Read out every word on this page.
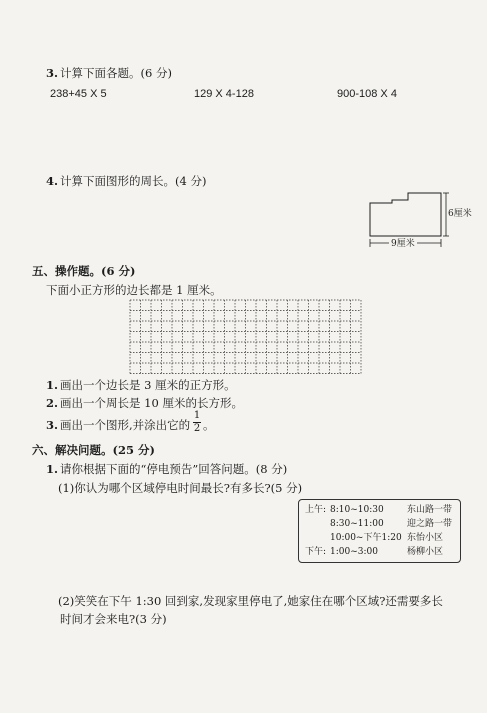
3. 计算下面各题。(6 分)
238+45 X 5	129 X 4-128	900-108 X 4
4. 计算下面图形的周长。(4 分)
6厘米
9厘米
五、操作题。(6 分)
下面小正方形的边长都是 1 厘米。
1. 画出一个边长是 3 厘米的正方形。
2. 画出一个周长是 10 厘米的长方形。
3. 画出一个图形,并涂出它的
1
2 。
六、解决问题。(25 分)
1. 请你根据下面的“停电预告”回答问题。(8 分)
(1)你认为哪个区域停电时间最长?有多长?(5 分)
上午: 8:10~10:30	东山路一带
8:30~11:00	迎之路一带
10:00~下午1:20 东怡小区
下午: 1:00~3:00	杨柳小区
(2)笑笑在下午 1:30 回到家,发现家里停电了,她家住在哪个区域?还需要多长
时间才会来电?(3 分)
